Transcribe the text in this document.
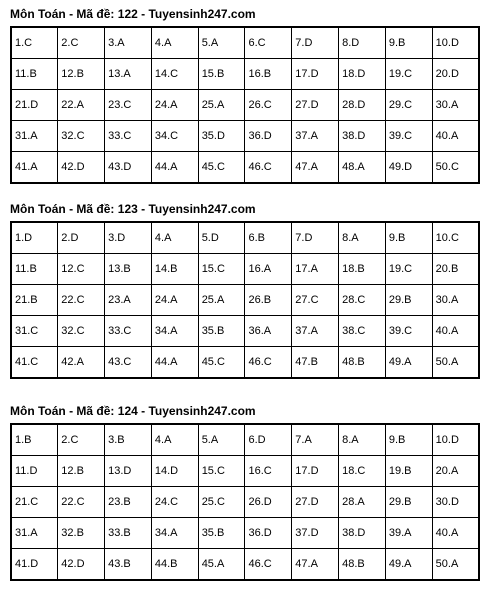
Môn Toán - Mã đề: 122 - Tuyensinh247.com
1.C	2.C	3.A	4.A	5.A	6.C	7.D	8.D	9.B	10.D
11.B	12.B	13.A	14.C	15.B	16.B	17.D	18.D	19.C	20.D
21.D	22.A	23.C	24.A	25.A	26.C	27.D	28.D	29.C	30.A
31.A	32.C	33.C	34.C	35.D	36.D	37.A	38.D	39.C	40.A
41.A	42.D	43.D	44.A	45.C	46.C	47.A	48.A	49.D	50.C
Môn Toán - Mã đề: 123 - Tuyensinh247.com
1.D	2.D	3.D	4.A	5.D	6.B	7.D	8.A	9.B	10.C
11.B	12.C	13.B	14.B	15.C	16.A	17.A	18.B	19.C	20.B
21.B	22.C	23.A	24.A	25.A	26.B	27.C	28.C	29.B	30.A
31.C	32.C	33.C	34.A	35.B	36.A	37.A	38.C	39.C	40.A
41.C	42.A	43.C	44.A	45.C	46.C	47.B	48.B	49.A	50.A
Môn Toán - Mã đề: 124 - Tuyensinh247.com
1.B	2.C	3.B	4.A	5.A	6.D	7.A	8.A	9.B	10.D
11.D	12.B	13.D	14.D	15.C	16.C	17.D	18.C	19.B	20.A
21.C	22.C	23.B	24.C	25.C	26.D	27.D	28.A	29.B	30.D
31.A	32.B	33.B	34.A	35.B	36.D	37.D	38.D	39.A	40.A
41.D	42.D	43.B	44.B	45.A	46.C	47.A	48.B	49.A	50.A
